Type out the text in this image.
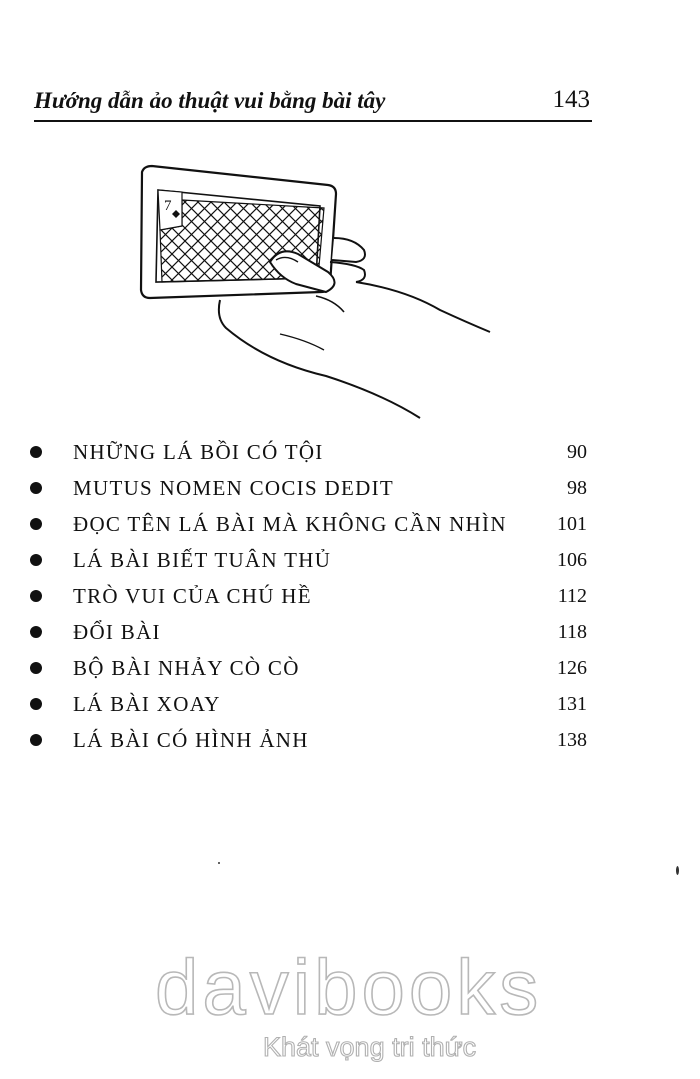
Hướng dẫn ảo thuật vui bằng bài tây	143
7
NHỮNG LÁ BỒI CÓ TỘI	90
MUTUS NOMEN COCIS DEDIT	98
ĐỌC TÊN LÁ BÀI MÀ KHÔNG CẦN NHÌN	101
LÁ BÀI BIẾT TUÂN THỦ	106
TRÒ VUI CỦA CHÚ HỀ	112
ĐỔI BÀI	118
BỘ BÀI NHẢY CÒ CÒ	126
LÁ BÀI XOAY	131
LÁ BÀI CÓ HÌNH ẢNH	138
davibooks
Khát vọng tri thức
